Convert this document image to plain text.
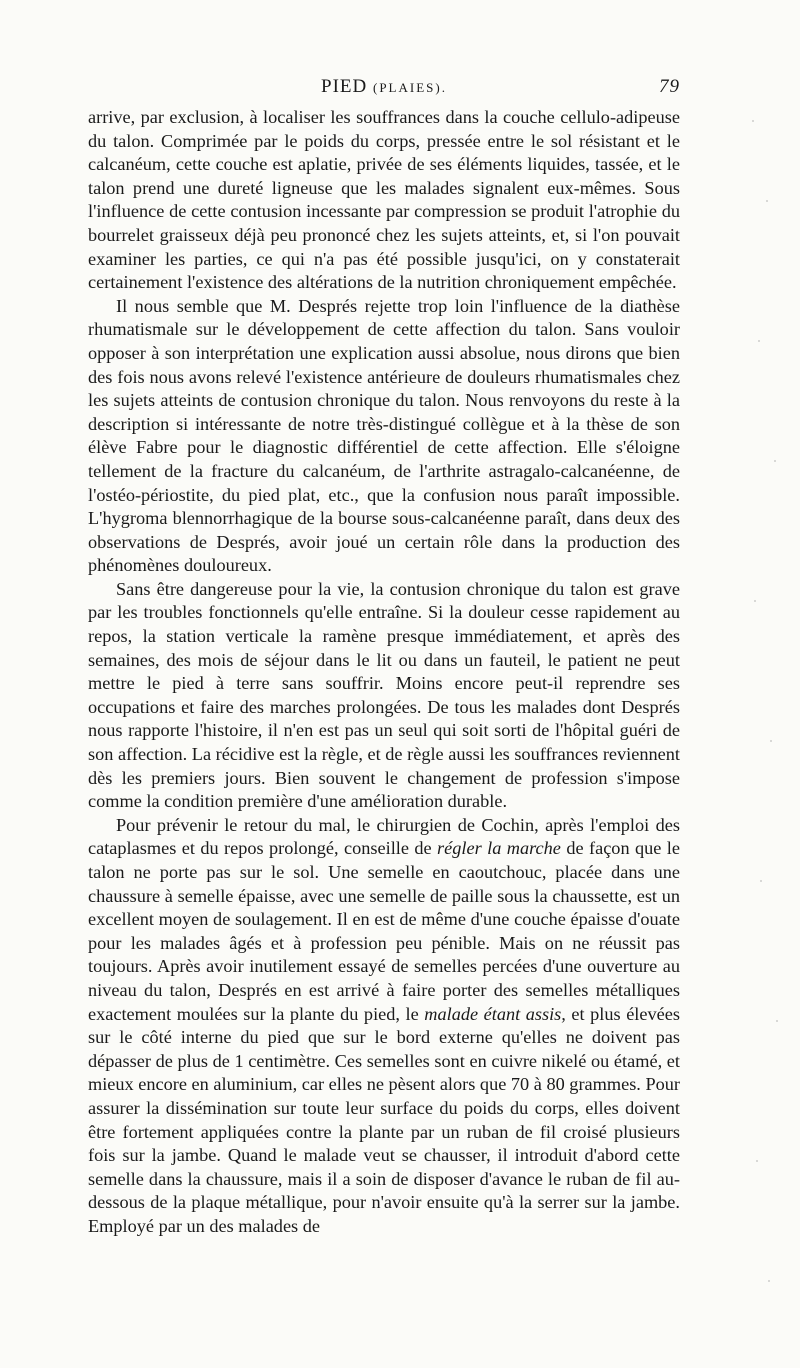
PIED (PLAIES).	79

arrive, par exclusion, à localiser les souffrances dans la couche cellulo-adipeuse du talon. Comprimée par le poids du corps, pressée entre le sol résistant et le calcanéum, cette couche est aplatie, privée de ses éléments liquides, tassée, et le talon prend une dureté ligneuse que les malades signalent eux-mêmes. Sous l'influence de cette contusion incessante par compression se produit l'atrophie du bourrelet graisseux déjà peu prononcé chez les sujets atteints, et, si l'on pouvait examiner les parties, ce qui n'a pas été possible jusqu'ici, on y constaterait certainement l'existence des altérations de la nutrition chroniquement empêchée.

Il nous semble que M. Després rejette trop loin l'influence de la diathèse rhumatismale sur le développement de cette affection du talon. Sans vouloir opposer à son interprétation une explication aussi absolue, nous dirons que bien des fois nous avons relevé l'existence antérieure de douleurs rhumatismales chez les sujets atteints de contusion chronique du talon. Nous renvoyons du reste à la description si intéressante de notre très-distingué collègue et à la thèse de son élève Fabre pour le diagnostic différentiel de cette affection. Elle s'éloigne tellement de la fracture du calcanéum, de l'arthrite astragalo-calcanéenne, de l'ostéo-périostite, du pied plat, etc., que la confusion nous paraît impossible. L'hygroma blennorrhagique de la bourse sous-calcanéenne paraît, dans deux des observations de Després, avoir joué un certain rôle dans la production des phénomènes douloureux.

Sans être dangereuse pour la vie, la contusion chronique du talon est grave par les troubles fonctionnels qu'elle entraîne. Si la douleur cesse rapidement au repos, la station verticale la ramène presque immédiatement, et après des semaines, des mois de séjour dans le lit ou dans un fauteil, le patient ne peut mettre le pied à terre sans souffrir. Moins encore peut-il reprendre ses occupations et faire des marches prolongées. De tous les malades dont Després nous rapporte l'histoire, il n'en est pas un seul qui soit sorti de l'hôpital guéri de son affection. La récidive est la règle, et de règle aussi les souffrances reviennent dès les premiers jours. Bien souvent le changement de profession s'impose comme la condition première d'une amélioration durable.

Pour prévenir le retour du mal, le chirurgien de Cochin, après l'emploi des cataplasmes et du repos prolongé, conseille de régler la marche de façon que le talon ne porte pas sur le sol. Une semelle en caoutchouc, placée dans une chaussure à semelle épaisse, avec une semelle de paille sous la chaussette, est un excellent moyen de soulagement. Il en est de même d'une couche épaisse d'ouate pour les malades âgés et à profession peu pénible. Mais on ne réussit pas toujours. Après avoir inutilement essayé de semelles percées d'une ouverture au niveau du talon, Després en est arrivé à faire porter des semelles métalliques exactement moulées sur la plante du pied, le malade étant assis, et plus élevées sur le côté interne du pied que sur le bord externe qu'elles ne doivent pas dépasser de plus de 1 centimètre. Ces semelles sont en cuivre nikelé ou étamé, et mieux encore en aluminium, car elles ne pèsent alors que 70 à 80 grammes. Pour assurer la dissémination sur toute leur surface du poids du corps, elles doivent être fortement appliquées contre la plante par un ruban de fil croisé plusieurs fois sur la jambe. Quand le malade veut se chausser, il introduit d'abord cette semelle dans la chaussure, mais il a soin de disposer d'avance le ruban de fil au-dessous de la plaque métallique, pour n'avoir ensuite qu'à la serrer sur la jambe. Employé par un des malades de
